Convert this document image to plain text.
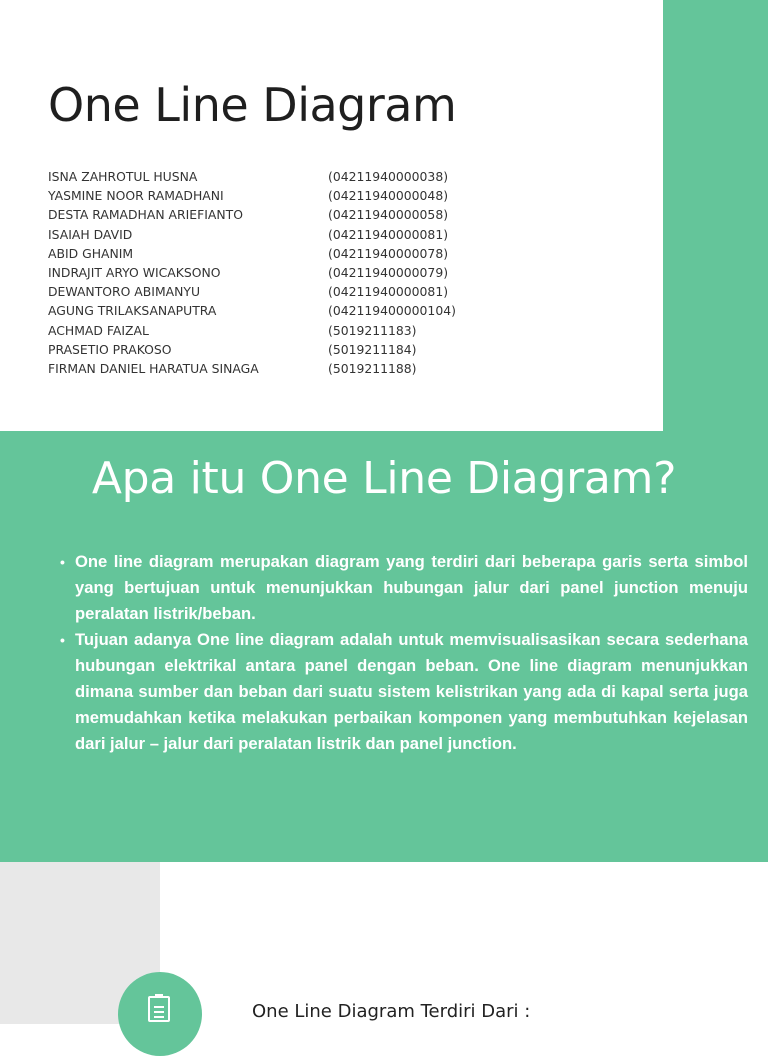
One Line Diagram
ISNA ZAHROTUL HUSNA	(04211940000038)
YASMINE NOOR RAMADHANI	(04211940000048)
DESTA RAMADHAN ARIEFIANTO	(04211940000058)
ISAIAH DAVID	(04211940000081)
ABID GHANIM	(04211940000078)
INDRAJIT ARYO WICAKSONO	(04211940000079)
DEWANTORO ABIMANYU	(04211940000081)
AGUNG TRILAKSANAPUTRA	(042119400000104)
ACHMAD FAIZAL	(5019211183)
PRASETIO PRAKOSO	(5019211184)
FIRMAN DANIEL HARATUA SINAGA	(5019211188)
Apa itu One Line Diagram?
• One line diagram merupakan diagram yang terdiri dari beberapa garis serta simbol yang bertujuan untuk menunjukkan hubungan jalur dari panel junction menuju peralatan listrik/beban.
• Tujuan adanya One line diagram adalah untuk memvisualisasikan secara sederhana hubungan elektrikal antara panel dengan beban. One line diagram menunjukkan dimana sumber dan beban dari suatu sistem kelistrikan yang ada di kapal serta juga memudahkan ketika melakukan perbaikan komponen yang membutuhkan kejelasan dari jalur – jalur dari peralatan listrik dan panel junction.
One Line Diagram Terdiri Dari :
